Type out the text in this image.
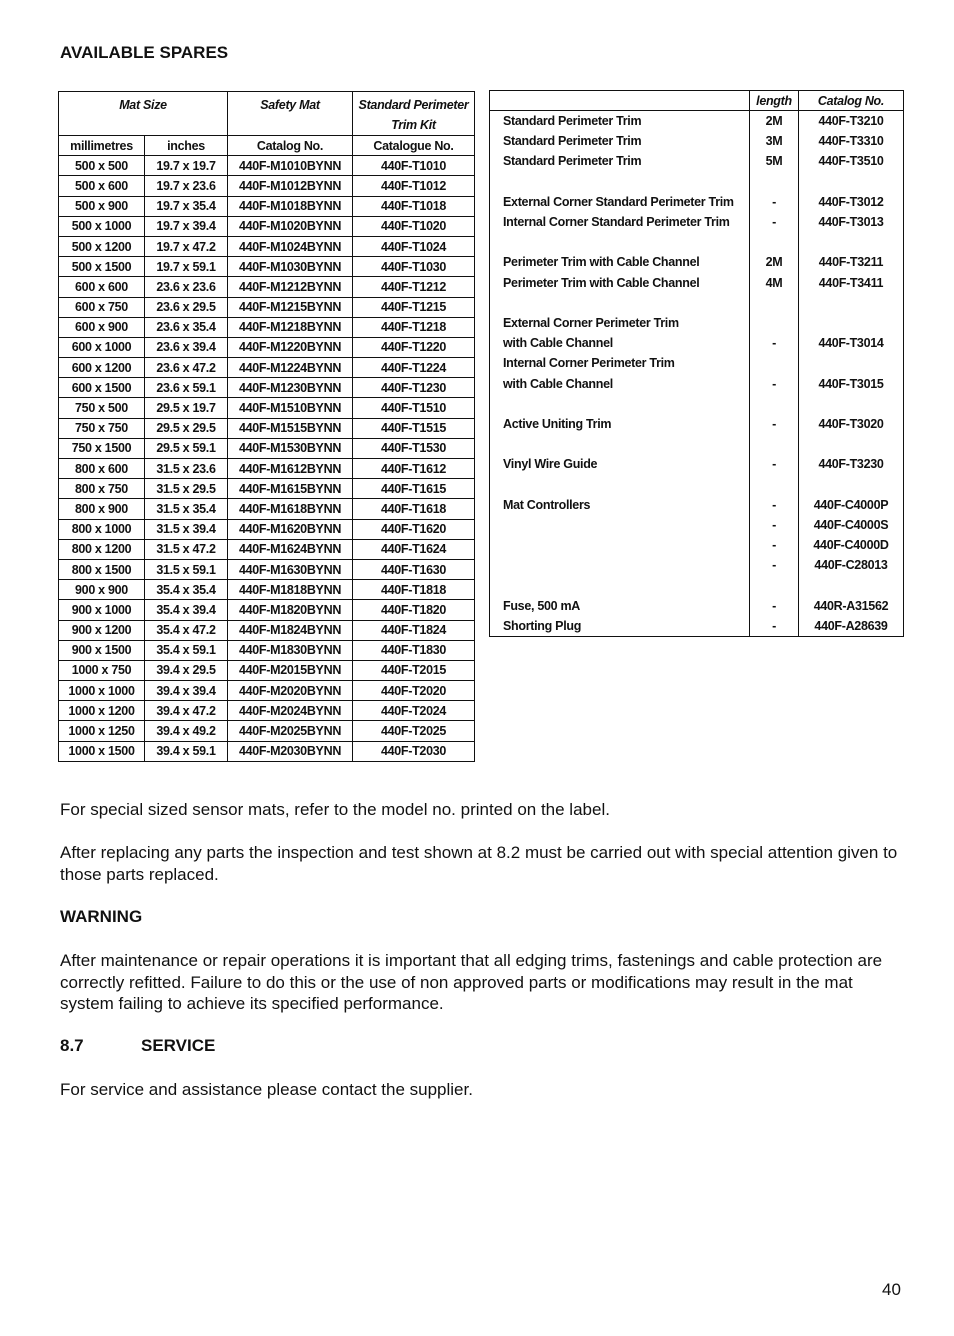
AVAILABLE SPARES
Mat Size		Safety Mat	Standard Perimeter Trim Kit
millimetres	inches	Catalog No.	Catalogue No.
500 x 500	19.7 x 19.7	440F-M1010BYNN	440F-T1010
500 x 600	19.7 x 23.6	440F-M1012BYNN	440F-T1012
500 x 900	19.7 x 35.4	440F-M1018BYNN	440F-T1018
500 x 1000	19.7 x 39.4	440F-M1020BYNN	440F-T1020
500 x 1200	19.7 x 47.2	440F-M1024BYNN	440F-T1024
500 x 1500	19.7 x 59.1	440F-M1030BYNN	440F-T1030
600 x 600	23.6 x 23.6	440F-M1212BYNN	440F-T1212
600 x 750	23.6 x 29.5	440F-M1215BYNN	440F-T1215
600 x 900	23.6 x 35.4	440F-M1218BYNN	440F-T1218
600 x 1000	23.6 x 39.4	440F-M1220BYNN	440F-T1220
600 x 1200	23.6 x 47.2	440F-M1224BYNN	440F-T1224
600 x 1500	23.6 x 59.1	440F-M1230BYNN	440F-T1230
750 x 500	29.5 x 19.7	440F-M1510BYNN	440F-T1510
750 x 750	29.5 x 29.5	440F-M1515BYNN	440F-T1515
750 x 1500	29.5 x 59.1	440F-M1530BYNN	440F-T1530
800 x 600	31.5 x 23.6	440F-M1612BYNN	440F-T1612
800 x 750	31.5 x 29.5	440F-M1615BYNN	440F-T1615
800 x 900	31.5 x 35.4	440F-M1618BYNN	440F-T1618
800 x 1000	31.5 x 39.4	440F-M1620BYNN	440F-T1620
800 x 1200	31.5 x 47.2	440F-M1624BYNN	440F-T1624
800 x 1500	31.5 x 59.1	440F-M1630BYNN	440F-T1630
900 x 900	35.4 x 35.4	440F-M1818BYNN	440F-T1818
900 x 1000	35.4 x 39.4	440F-M1820BYNN	440F-T1820
900 x 1200	35.4 x 47.2	440F-M1824BYNN	440F-T1824
900 x 1500	35.4 x 59.1	440F-M1830BYNN	440F-T1830
1000 x 750	39.4 x 29.5	440F-M2015BYNN	440F-T2015
1000 x 1000	39.4 x 39.4	440F-M2020BYNN	440F-T2020
1000 x 1200	39.4 x 47.2	440F-M2024BYNN	440F-T2024
1000 x 1250	39.4 x 49.2	440F-M2025BYNN	440F-T2025
1000 x 1500	39.4 x 59.1	440F-M2030BYNN	440F-T2030
	length	Catalog No.
Standard Perimeter Trim	2M	440F-T3210
Standard Perimeter Trim	3M	440F-T3310
Standard Perimeter Trim	5M	440F-T3510

External Corner Standard Perimeter Trim	-	440F-T3012
Internal Corner Standard Perimeter Trim	-	440F-T3013

Perimeter Trim with Cable Channel	2M	440F-T3211
Perimeter Trim with Cable Channel	4M	440F-T3411

External Corner Perimeter Trim		
with Cable Channel	-	440F-T3014
Internal Corner Perimeter Trim		
with Cable Channel	-	440F-T3015

Active Uniting Trim	-	440F-T3020

Vinyl Wire Guide	-	440F-T3230

Mat Controllers	-	440F-C4000P
	-	440F-C4000S
	-	440F-C4000D
	-	440F-C28013

Fuse, 500 mA	-	440R-A31562
Shorting Plug	-	440F-A28639
For special sized sensor mats, refer to the model no. printed on the label.
After replacing any parts the inspection and test shown at 8.2 must be carried out with special attention given to those parts replaced.
WARNING
After maintenance or repair operations it is important that all edging trims, fastenings and cable protection are correctly refitted. Failure to do this or the use of non approved parts or modifications may result in the mat system failing to achieve its specified performance.
8.7	SERVICE
For service and assistance please contact the supplier.
40
